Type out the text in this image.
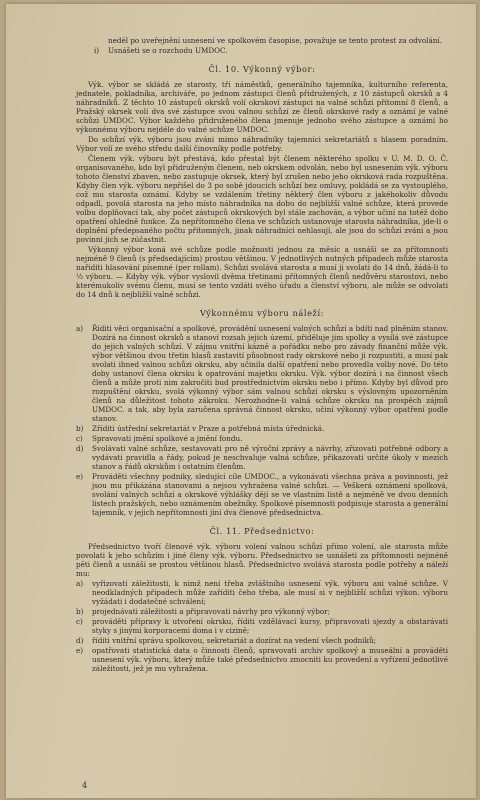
nedél po uveřejnění usnesení ve spolkovém časopise, považuje se tento protest za odvolání.

i) Usnášeti se o rozchodu UMDOC.
Čl. 10. Výkonný výbor:

Výk. výbor se skládá ze starosty, tří náměstků, generálního tajemníka, kulturního referenta, jednatele, pokladníka, archiváře, po jednom zástupci členů přidružených, z 10 zástupců okrsků a 4 náhradníků. Z těchto 10 zástupců okrsků volí okrskoví zástupci na valné schůzi přítomní 8 členů, a Pražský okrsek volí dva své zástupce svou valnou schůzí ze členů okrskové rady a oznámí je valné schůzi UMDOC. Výbor každého přidruženého člena jmenuje jednoho svého zástupce a oznámí ho výkonnému výboru nejdéle do valné schůze UMDOC.

Do schůzí výk. výboru jsou zváni mimo náhradníky tajemníci sekretariátů s hlasem poradním. Výbor volí ze svého středu další činovníky podle potřeby.

Členem výk. výboru být přestává, kdo přestal být členem některého spolku v U. M. D. O. Č. organisovaného, kdo byl přidruženým členem, neb okrskem odvolán, nebo byl usnesením výk. výboru tohoto členství zbaven, nebo zastupuje okrsek, který byl zrušen nebo jeho okrsková rada rozpuštěna. Kdyby člen výk. výboru nepřišel do 3 po sobě jdoucích schůzí bez omluvy, pokládá se za vystouplého, což mu starosta oznámí. Kdyby se vzdálením třetiny některý člen výboru z jakéhokoliv důvodu odpadl, povolá starosta na jeho místo náhradníka na dobu do nejbližší valné schůze, která provede volbu doplňovací tak, aby počet zástupců okrskových byl stále zachován, a výbor učiní na totéž dobo opatření ohledně funkce. Za nepřítomného člena ve schůzích ustanovuje starosta náhradníka, jde-li o doplnění předepsaného počtu přítomných, jinak náhradníci nehlasují, ale jsou do schůzí zváni a jsou povinni jich se zúčastnit.

Výkonný výbor koná své schůze podle možnosti jednou za měsíc a usnáší se za přítomnosti nejméně 9 členů (s předsedajícím) prostou většinou. V jednotlivých nutných případech může starosta nařiditi hlasování písemné (per rollam). Schůzi svolává starosta a musí ji svolati do 14 dnů, žádá-li to ⅓ výboru. — Kdyby výk. výbor vyslovil dvěma třetinami přítomných členů nedůvěru starostovi, nebo kterémukoliv svému členu, musí se tento vzdáti svého úřadu a členství výboru, ale může se odvolati do 14 dnů k nejbližší valné schůzi.

Výkonnému výboru náleží:
a) Říditi věci organisační a spolkové, provádění usnesení valných schůzí a bdíti nad plněním stanov. Dozírá na činnost okrsků a stanoví rozsah jejich území, přiděluje jim spolky a vysílá své zástupce do jejich valných schůzí. V zájmu vnitřní kázně a pořádku nebo pro závady finanční může výk. výbor většinou dvou třetin hlasů zastavití působnost rady okrskové nebo ji rozpustiti, a musí pak svolati ihned valnou schůzi okrsku, aby učinila další opatření nebo provedla volby nové. Do této doby ustanoví člena okrsku k opatrování majetku okrsku. Výk. výbor dozírá i na činnost všech členů a může proti nim zakročiti bud prostřednictvím okrsku nebo i přímo. Kdyby byl důvod pro rozpuštění okrsku, svolá výkonný výbor sám valnou schůzi okrsku s výslovným upozorněním členů na důležitost tohoto zákroku. Nerozhodne-li valná schůze okrsku na prospěch zájmů UMDOC. a tak, aby byla zaručena správná činnost okrsku, učiní výkonný výbor opatření podle stanov.
b) Zříditi ústřední sekretariát v Praze a potřebná místa úřednická.
c) Spravovati jmění spolkové a jmění fondu.
d) Svolávati valné schůze, sestavovati pro ně výroční zprávy a návrhy, zřizovati potřebné odbory a vydávati pravidla a řády, pokud je neschvaluje valná schůze, přikazovati určité úkoly v mezích stanov a řádů okrskům i ostatním členům.
e) Prováděti všechny podniky, sledující cíle UMDOC., a vykonávati všechna práva a povinnosti, jež jsou mu přikázána stanovami a nejsou vyhražena valné schůzi. — Veškerá oznámení spolková, svolání valných schůzí a okrskové výhlášky dějí se ve vlastním listě a nejméně ve dvou denních listech pražských, nebo oznámením obežníky. Spolkové písemnosti podpisuje starosta a generální tajemník, v jejich nepřítomnosti jiní dva členové předsednictva.
Čl. 11. Předsednictvo:

Předsednictvo tvoří členové výk. výboru volení valnou schůzí přímo volení, ale starosta může povolati k jeho schůzím i jiné členy výk. výboru. Předsednictvo se usnášeti za přítomnosti nejméně pěti členů a usnáší se prostou většinou hlasů. Předsednictvo svolává starosta podle potřeby a náleží mu:

a) vyřizovati záležitosti, k nimž není třeba zvláštního usnesení výk. výboru ani valné schůze. V neodkladných případech může zaříditi čeho třeba, ale musí si v nejbližší schůzi výkon. výboru vyžádati i dodatečné schválení;
b) projednávati záležitosti a připravovati návrhy pro výkonný výbor;
c) prováděti přípravy k utvoření okrsku, říditi vzdělávací kursy, připravovati sjezdy a obstarávati styky s jinými korporacemi doma i v cizině;
d) říditi vnitřní správu spolkovou, sekretariát a dozírat na vedení všech podniků;
e) opatřovati statistická data o činnosti členů, spravovati archiv spolkový a museální a prováděti usnesení výk. výboru, který může také předsednictvo zmocniti ku provedení a vyřízení jednotlivé záležitosti, jež je mu vyhražena.
4
